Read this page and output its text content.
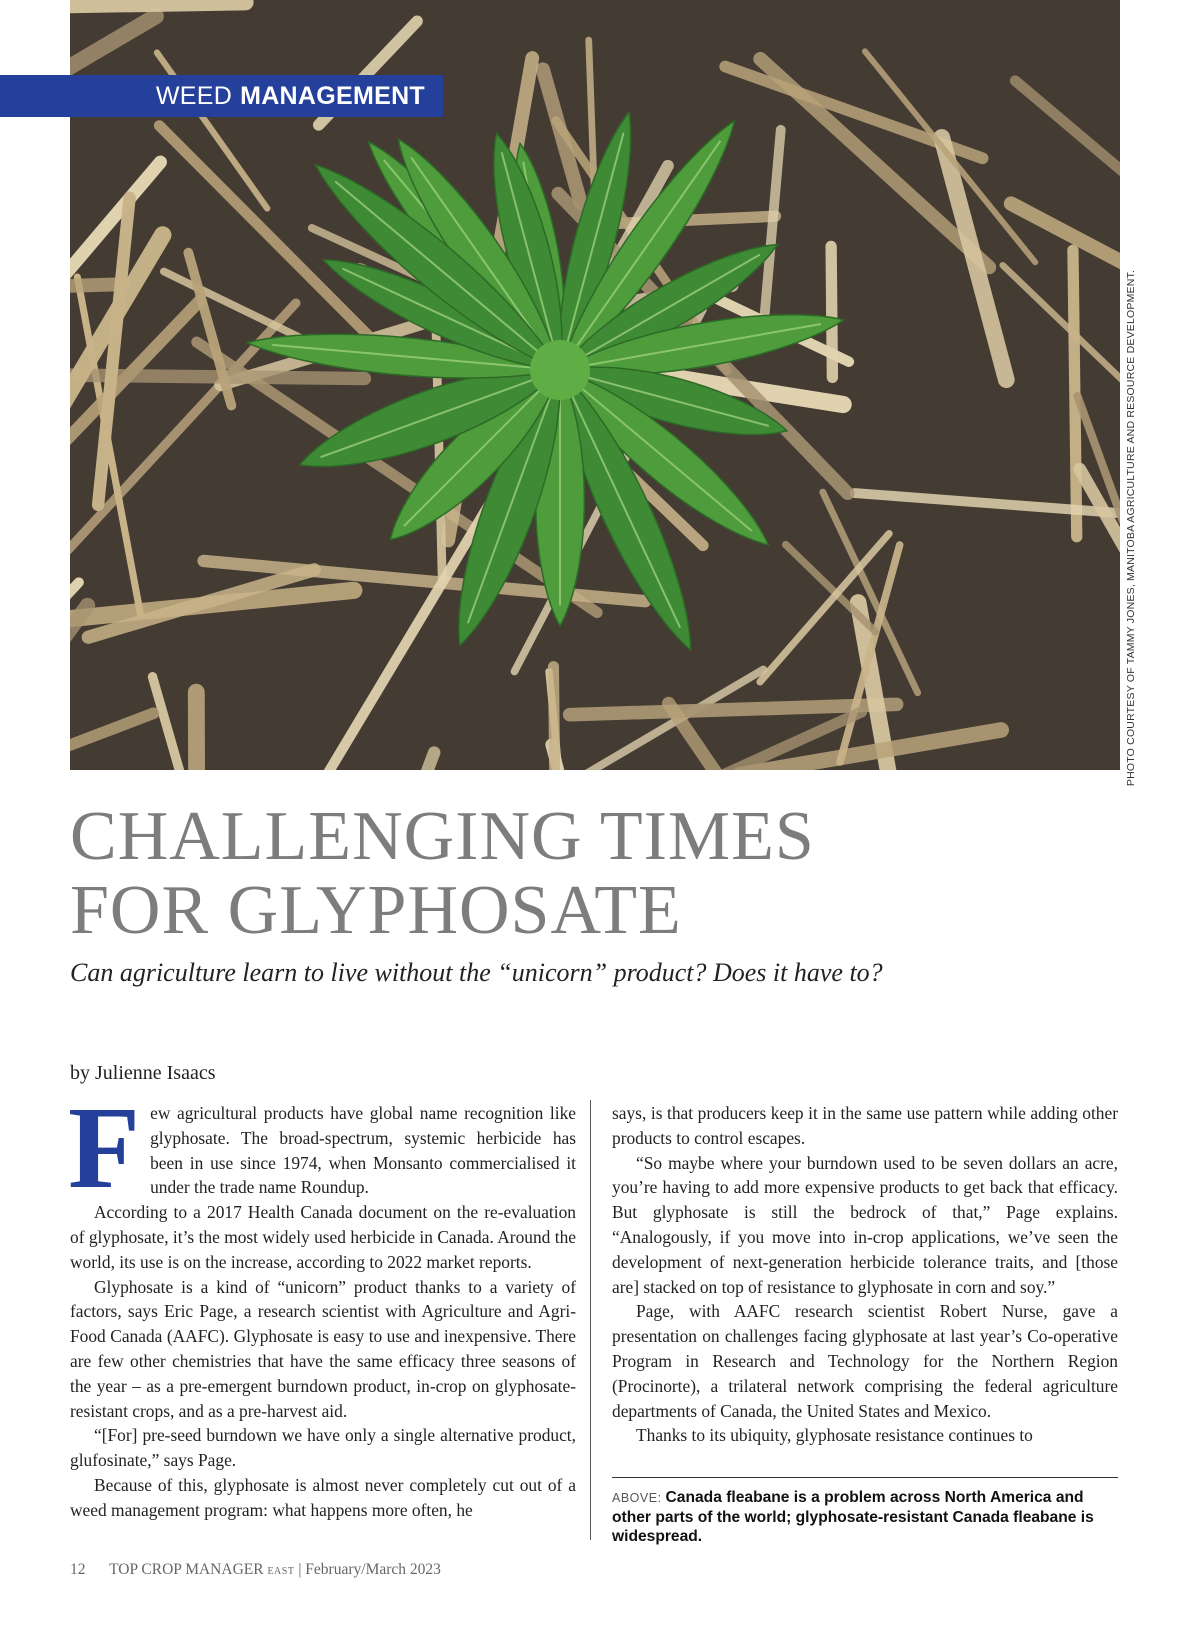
WEED MANAGEMENT
PHOTO COURTESY OF TAMMY JONES, MANITOBA AGRICULTURE AND RESOURCE DEVELOPMENT.
CHALLENGING TIMES
FOR GLYPHOSATE

Can agriculture learn to live without the “unicorn” product? Does it have to?

by Julienne Isaacs

Few agricultural products have global name recognition like glyphosate. The broad-spectrum, systemic herbicide has been in use since 1974, when Monsanto commercialised it under the trade name Roundup.

According to a 2017 Health Canada document on the re-evaluation of glyphosate, it’s the most widely used herbicide in Canada. Around the world, its use is on the increase, according to 2022 market reports.

Glyphosate is a kind of “unicorn” product thanks to a variety of factors, says Eric Page, a research scientist with Agriculture and Agri-Food Canada (AAFC). Glyphosate is easy to use and inexpensive. There are few other chemistries that have the same efficacy three seasons of the year – as a pre-emergent burndown product, in-crop on glyphosate-resistant crops, and as a pre-harvest aid.

“[For] pre-seed burndown we have only a single alternative product, glufosinate,” says Page.

Because of this, glyphosate is almost never completely cut out of a weed management program: what happens more often, he

says, is that producers keep it in the same use pattern while adding other products to control escapes.

“So maybe where your burndown used to be seven dollars an acre, you’re having to add more expensive products to get back that efficacy. But glyphosate is still the bedrock of that,” Page explains. “Analogously, if you move into in-crop applications, we’ve seen the development of next-generation herbicide tolerance traits, and [those are] stacked on top of resistance to glyphosate in corn and soy.”

Page, with AAFC research scientist Robert Nurse, gave a presentation on challenges facing glyphosate at last year’s Co-operative Program in Research and Technology for the Northern Region (Procinorte), a trilateral network comprising the federal agriculture departments of Canada, the United States and Mexico.

Thanks to its ubiquity, glyphosate resistance continues to

ABOVE: Canada fleabane is a problem across North America and other parts of the world; glyphosate-resistant Canada fleabane is widespread.
12 TOP CROP MANAGER EAST | February/March 2023
